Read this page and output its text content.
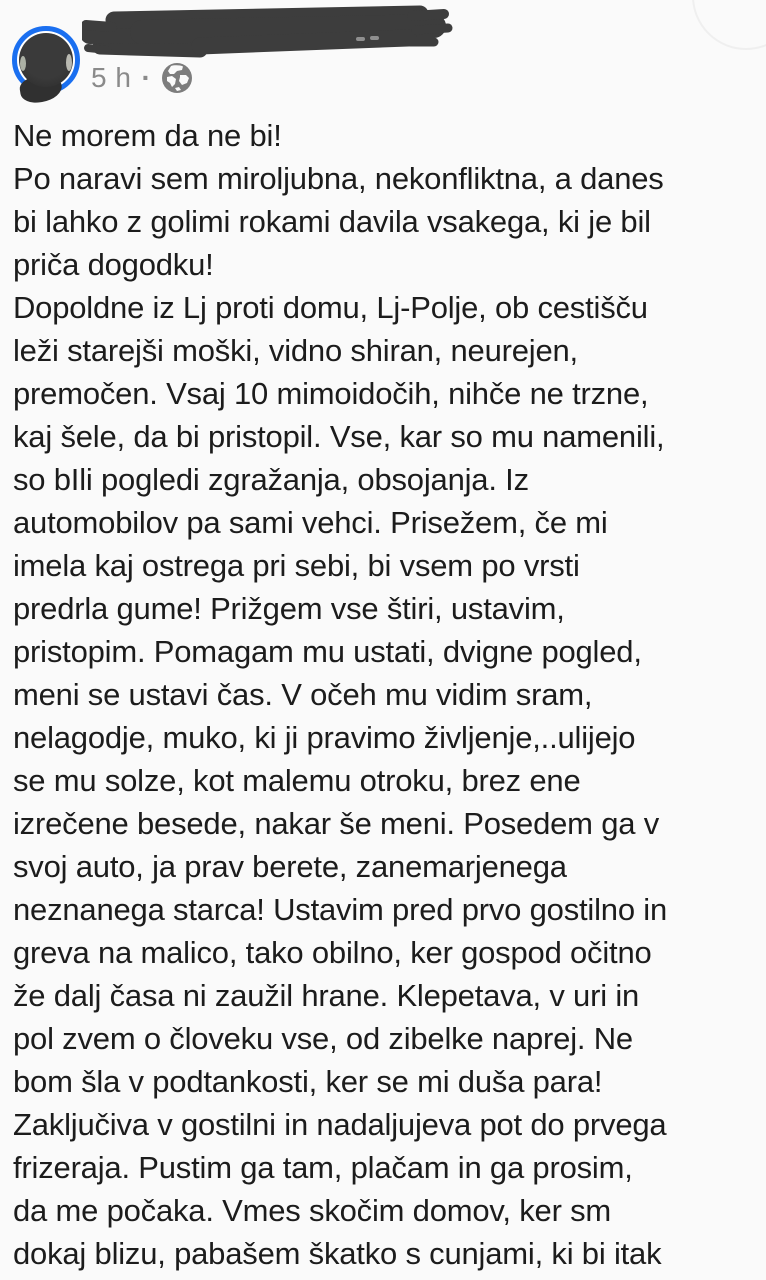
5 h ·
Ne morem da ne bi!
Po naravi sem miroljubna, nekonfliktna, a danes
bi lahko z golimi rokami davila vsakega, ki je bil
priča dogodku!
Dopoldne iz Lj proti domu, Lj-Polje, ob cestišču
leži starejši moški, vidno shiran, neurejen,
premočen. Vsaj 10 mimoidočih, nihče ne trzne,
kaj šele, da bi pristopil. Vse, kar so mu namenili,
so bIli pogledi zgražanja, obsojanja. Iz
automobilov pa sami vehci. Prisežem, če mi
imela kaj ostrega pri sebi, bi vsem po vrsti
predrla gume! Prižgem vse štiri, ustavim,
pristopim. Pomagam mu ustati, dvigne pogled,
meni se ustavi čas. V očeh mu vidim sram,
nelagodje, muko, ki ji pravimo življenje,..ulijejo
se mu solze, kot malemu otroku, brez ene
izrečene besede, nakar še meni. Posedem ga v
svoj auto, ja prav berete, zanemarjenega
neznanega starca! Ustavim pred prvo gostilno in
greva na malico, tako obilno, ker gospod očitno
že dalj časa ni zaužil hrane. Klepetava, v uri in
pol zvem o človeku vse, od zibelke naprej. Ne
bom šla v podtankosti, ker se mi duša para!
Zaključiva v gostilni in nadaljujeva pot do prvega
frizeraja. Pustim ga tam, plačam in ga prosim,
da me počaka. Vmes skočim domov, ker sm
dokaj blizu, pabašem škatko s cunjami, ki bi itak
